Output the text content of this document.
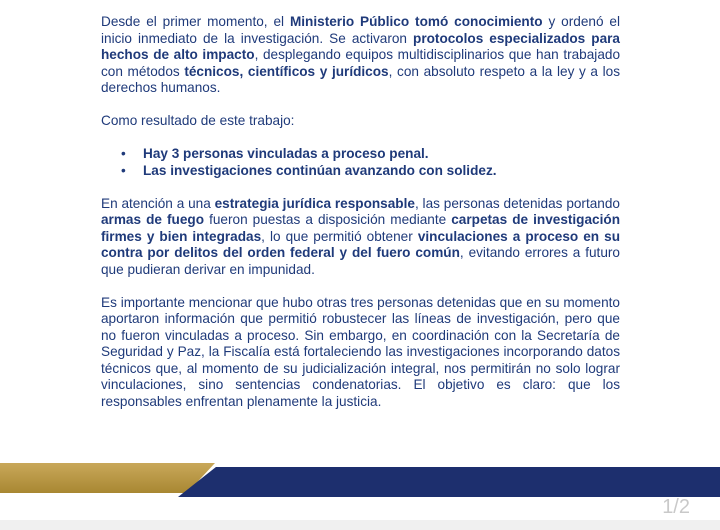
Desde el primer momento, el Ministerio Público tomó conocimiento y ordenó el inicio inmediato de la investigación. Se activaron protocolos especializados para hechos de alto impacto, desplegando equipos multidisciplinarios que han trabajado con métodos técnicos, científicos y jurídicos, con absoluto respeto a la ley y a los derechos humanos.

Como resultado de este trabajo:

• Hay 3 personas vinculadas a proceso penal.
• Las investigaciones continúan avanzando con solidez.

En atención a una estrategia jurídica responsable, las personas detenidas portando armas de fuego fueron puestas a disposición mediante carpetas de investigación firmes y bien integradas, lo que permitió obtener vinculaciones a proceso en su contra por delitos del orden federal y del fuero común, evitando errores a futuro que pudieran derivar en impunidad.

Es importante mencionar que hubo otras tres personas detenidas que en su momento aportaron información que permitió robustecer las líneas de investigación, pero que no fueron vinculadas a proceso. Sin embargo, en coordinación con la Secretaría de Seguridad y Paz, la Fiscalía está fortaleciendo las investigaciones incorporando datos técnicos que, al momento de su judicialización integral, nos permitirán no solo lograr vinculaciones, sino sentencias condenatorias. El objetivo es claro: que los responsables enfrentan plenamente la justicia.

1/2
